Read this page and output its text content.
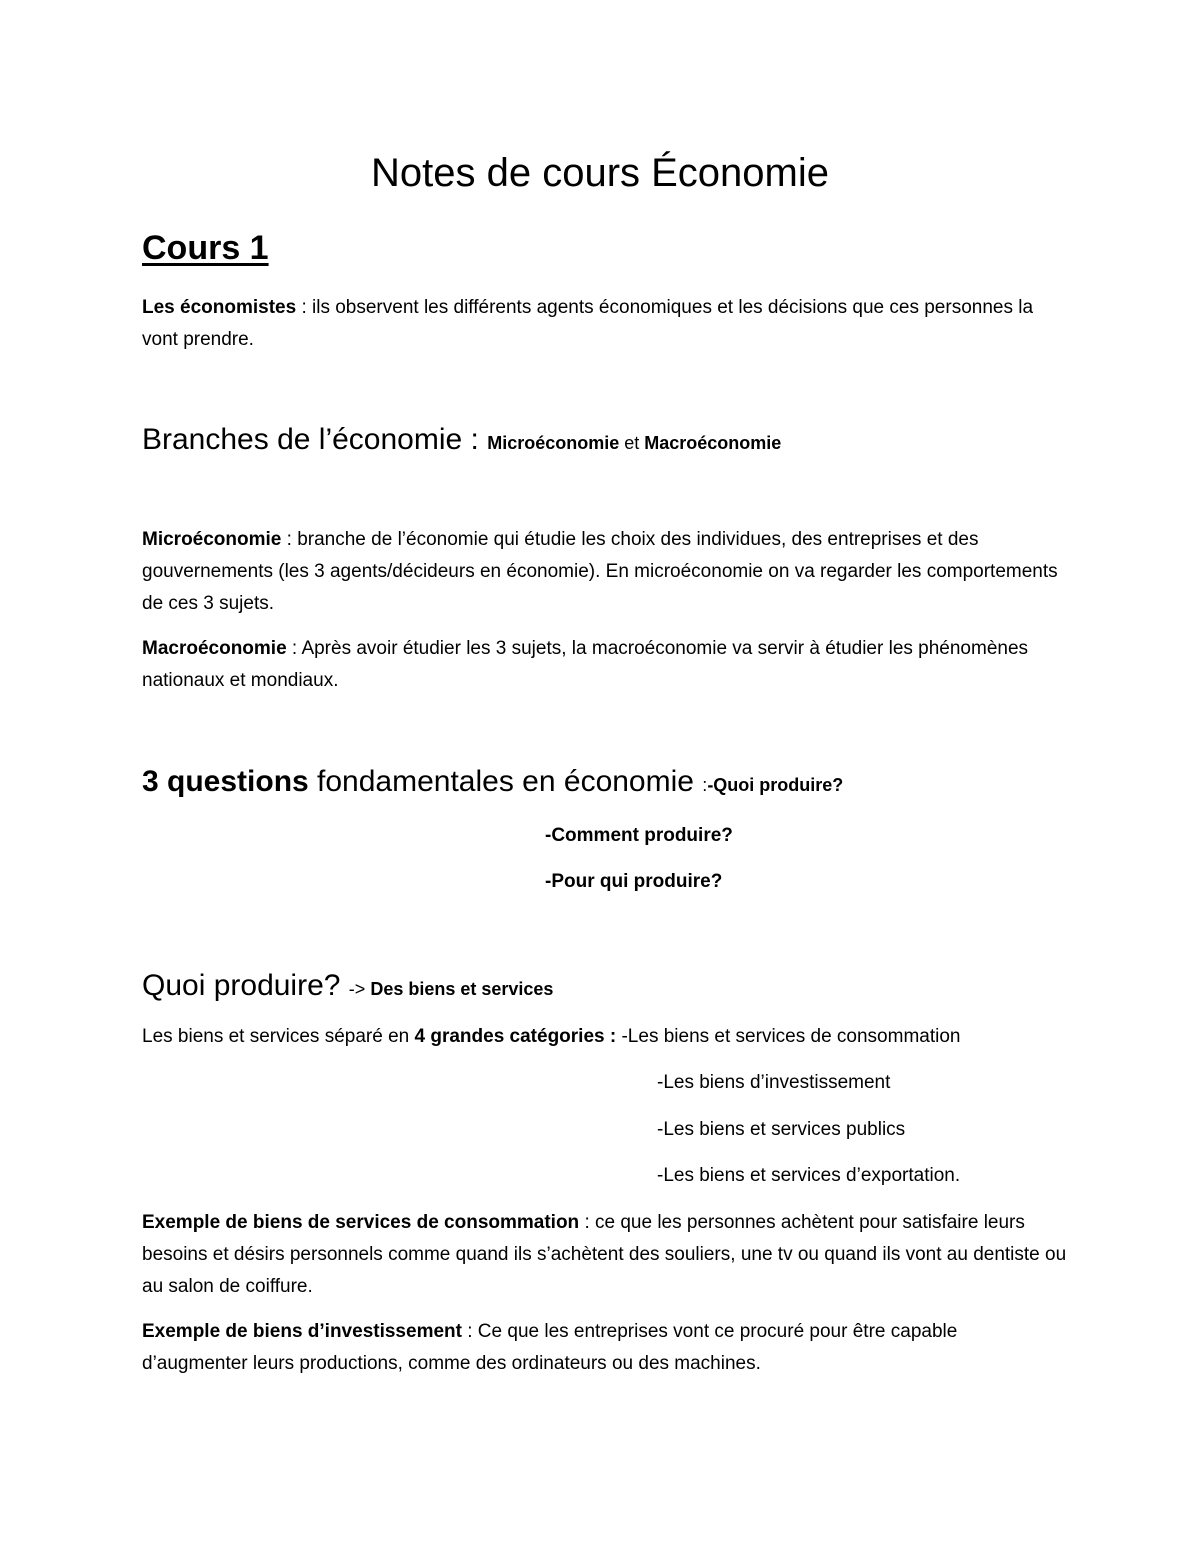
Notes de cours Économie
Cours 1
Les économistes : ils observent les différents agents économiques et les décisions que ces personnes la vont prendre.
Branches de l’économie : Microéconomie et Macroéconomie
Microéconomie : branche de l’économie qui étudie les choix des individues, des entreprises et des gouvernements (les 3 agents/décideurs en économie). En microéconomie on va regarder les comportements de ces 3 sujets.
Macroéconomie : Après avoir étudier les 3 sujets, la macroéconomie va servir à étudier les phénomènes nationaux et mondiaux.
3 questions fondamentales en économie :-Quoi produire?
-Comment produire?
-Pour qui produire?
Quoi produire? -> Des biens et services
Les biens et services séparé en 4 grandes catégories : -Les biens et services de consommation
-Les biens d’investissement
-Les biens et services publics
-Les biens et services d’exportation.
Exemple de biens de services de consommation : ce que les personnes achètent pour satisfaire leurs besoins et désirs personnels comme quand ils s’achètent des souliers, une tv ou quand ils vont au dentiste ou au salon de coiffure.
Exemple de biens d’investissement : Ce que les entreprises vont ce procuré pour être capable d’augmenter leurs productions, comme des ordinateurs ou des machines.
